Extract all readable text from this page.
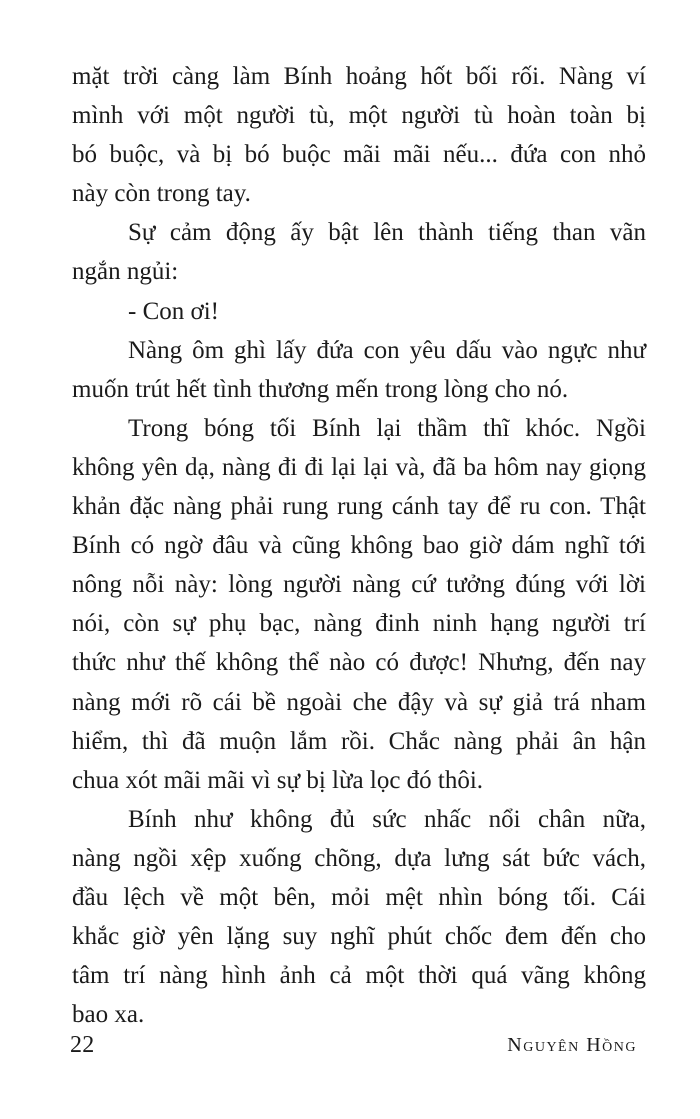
mặt trời càng làm Bính hoảng hốt bối rối. Nàng ví
mình với một người tù, một người tù hoàn toàn bị
bó buộc, và bị bó buộc mãi mãi nếu... đứa con nhỏ
này còn trong tay.
Sự cảm động ấy bật lên thành tiếng than vãn
ngắn ngủi:
- Con ơi!
Nàng ôm ghì lấy đứa con yêu dấu vào ngực như
muốn trút hết tình thương mến trong lòng cho nó.
Trong bóng tối Bính lại thầm thĩ khóc. Ngồi
không yên dạ, nàng đi đi lại lại và, đã ba hôm nay giọng
khản đặc nàng phải rung rung cánh tay để ru con. Thật
Bính có ngờ đâu và cũng không bao giờ dám nghĩ tới
nông nỗi này: lòng người nàng cứ tưởng đúng với lời
nói, còn sự phụ bạc, nàng đinh ninh hạng người trí
thức như thế không thể nào có được! Nhưng, đến nay
nàng mới rõ cái bề ngoài che đậy và sự giả trá nham
hiểm, thì đã muộn lắm rồi. Chắc nàng phải ân hận
chua xót mãi mãi vì sự bị lừa lọc đó thôi.
Bính như không đủ sức nhấc nổi chân nữa,
nàng ngồi xệp xuống chõng, dựa lưng sát bức vách,
đầu lệch về một bên, mỏi mệt nhìn bóng tối. Cái
khắc giờ yên lặng suy nghĩ phút chốc đem đến cho
tâm trí nàng hình ảnh cả một thời quá vãng không
bao xa.
22	Nguyên Hồng
